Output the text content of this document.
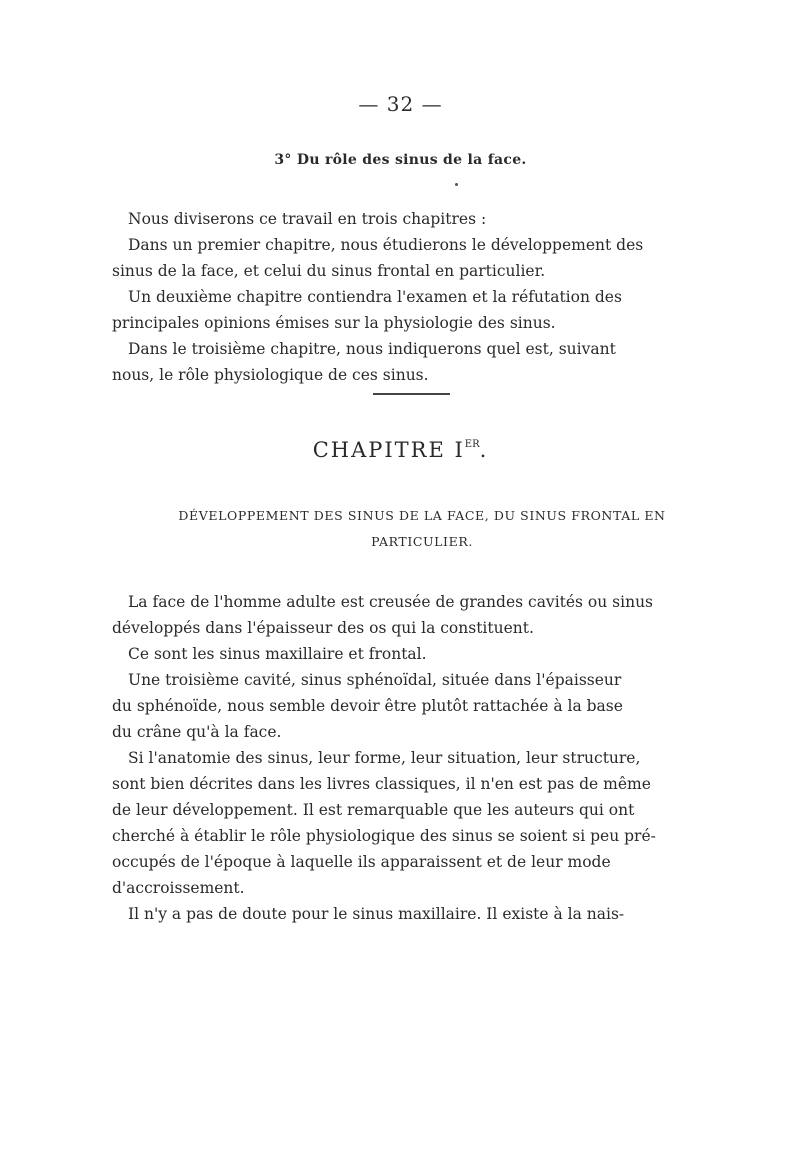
— 32 —
3° Du rôle des sinus de la face.
Nous diviserons ce travail en trois chapitres :
Dans un premier chapitre, nous étudierons le développement des
sinus de la face, et celui du sinus frontal en particulier.
Un deuxième chapitre contiendra l'examen et la réfutation des
principales opinions émises sur la physiologie des sinus.
Dans le troisième chapitre, nous indiquerons quel est, suivant
nous, le rôle physiologique de ces sinus.
CHAPITRE IER.
DÉVELOPPEMENT DES SINUS DE LA FACE, DU SINUS FRONTAL EN
PARTICULIER.
La face de l'homme adulte est creusée de grandes cavités ou sinus
développés dans l'épaisseur des os qui la constituent.
Ce sont les sinus maxillaire et frontal.
Une troisième cavité, sinus sphénoïdal, située dans l'épaisseur
du sphénoïde, nous semble devoir être plutôt rattachée à la base
du crâne qu'à la face.
Si l'anatomie des sinus, leur forme, leur situation, leur structure,
sont bien décrites dans les livres classiques, il n'en est pas de même
de leur développement. Il est remarquable que les auteurs qui ont
cherché à établir le rôle physiologique des sinus se soient si peu pré-
occupés de l'époque à laquelle ils apparaissent et de leur mode
d'accroissement.
Il n'y a pas de doute pour le sinus maxillaire. Il existe à la nais-
